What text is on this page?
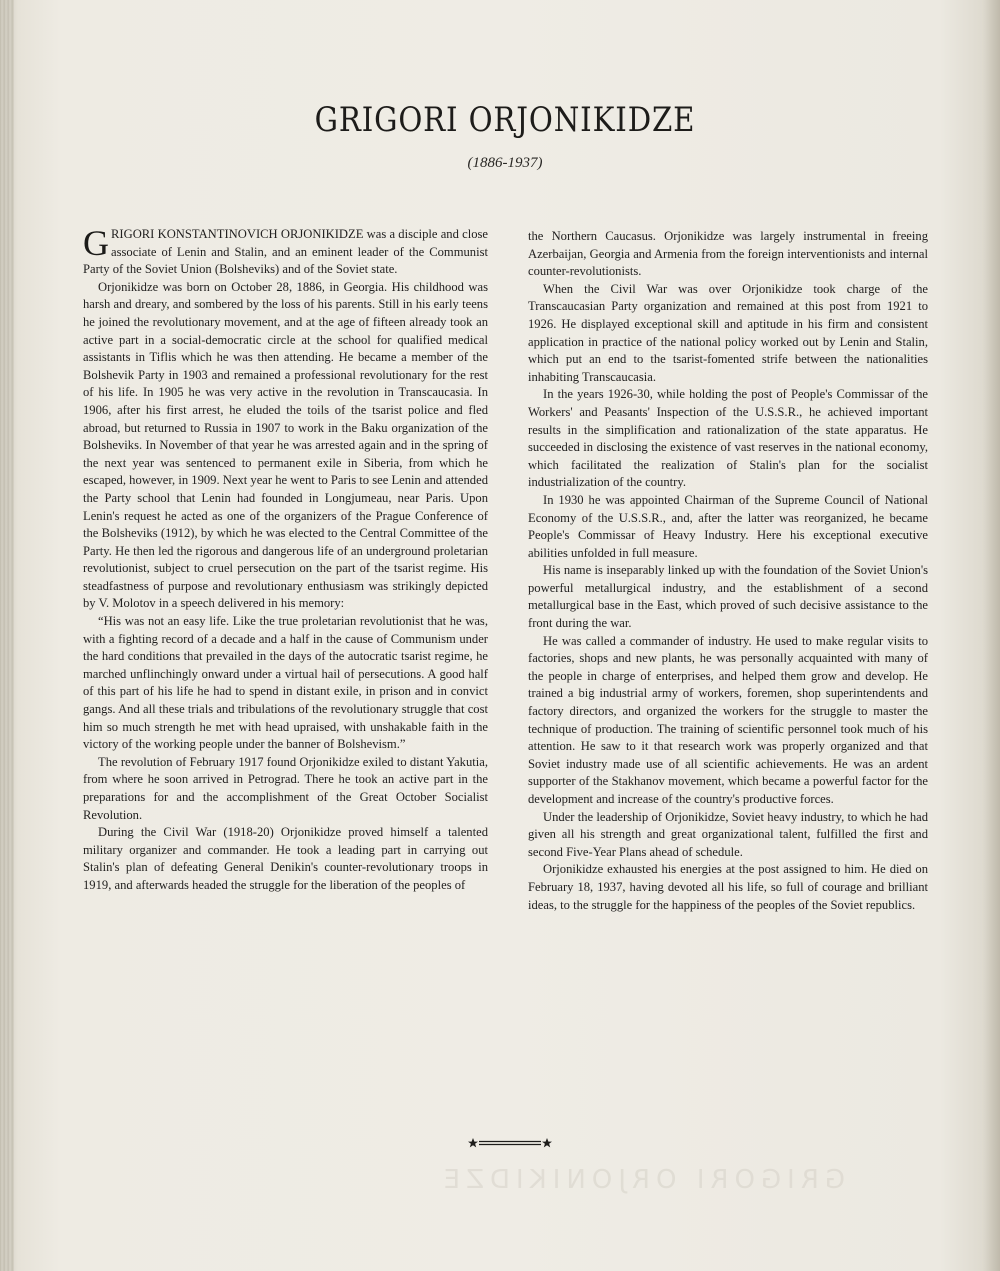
GRIGORI ORJONIKIDZE
(1886-1937)

GRIGORI KONSTANTINOVICH ORJONIKIDZE was a disciple and close associate of Lenin and Stalin, and an eminent leader of the Communist Party of the Soviet Union (Bolsheviks) and of the Soviet state.

Orjonikidze was born on October 28, 1886, in Georgia. His childhood was harsh and dreary, and sombered by the loss of his parents. Still in his early teens he joined the revolutionary movement, and at the age of fifteen already took an active part in a social-democratic circle at the school for qualified medical assistants in Tiflis which he was then attending. He became a member of the Bolshevik Party in 1903 and remained a professional revolutionary for the rest of his life. In 1905 he was very active in the revolution in Transcaucasia. In 1906, after his first arrest, he eluded the toils of the tsarist police and fled abroad, but returned to Russia in 1907 to work in the Baku organization of the Bolsheviks. In November of that year he was arrested again and in the spring of the next year was sentenced to permanent exile in Siberia, from which he escaped, however, in 1909. Next year he went to Paris to see Lenin and attended the Party school that Lenin had founded in Longjumeau, near Paris. Upon Lenin's request he acted as one of the organizers of the Prague Conference of the Bolsheviks (1912), by which he was elected to the Central Committee of the Party. He then led the rigorous and dangerous life of an underground proletarian revolutionist, subject to cruel persecution on the part of the tsarist regime. His steadfastness of purpose and revolutionary enthusiasm was strikingly depicted by V. Molotov in a speech delivered in his memory:

“His was not an easy life. Like the true proletarian revolutionist that he was, with a fighting record of a decade and a half in the cause of Communism under the hard conditions that prevailed in the days of the autocratic tsarist regime, he marched unflinchingly onward under a virtual hail of persecutions. A good half of this part of his life he had to spend in distant exile, in prison and in convict gangs. And all these trials and tribulations of the revolutionary struggle that cost him so much strength he met with head upraised, with unshakable faith in the victory of the working people under the banner of Bolshevism.”

The revolution of February 1917 found Orjonikidze exiled to distant Yakutia, from where he soon arrived in Petrograd. There he took an active part in the preparations for and the accomplishment of the Great October Socialist Revolution.

During the Civil War (1918-20) Orjonikidze proved himself a talented military organizer and commander. He took a leading part in carrying out Stalin's plan of defeating General Denikin's counter-revolutionary troops in 1919, and afterwards headed the struggle for the liberation of the peoples of

the Northern Caucasus. Orjonikidze was largely instrumental in freeing Azerbaijan, Georgia and Armenia from the foreign interventionists and internal counter-revolutionists.

When the Civil War was over Orjonikidze took charge of the Transcaucasian Party organization and remained at this post from 1921 to 1926. He displayed exceptional skill and aptitude in his firm and consistent application in practice of the national policy worked out by Lenin and Stalin, which put an end to the tsarist-fomented strife between the nationalities inhabiting Transcaucasia.

In the years 1926-30, while holding the post of People's Commissar of the Workers' and Peasants' Inspection of the U.S.S.R., he achieved important results in the simplification and rationalization of the state apparatus. He succeeded in disclosing the existence of vast reserves in the national economy, which facilitated the realization of Stalin's plan for the socialist industrialization of the country.

In 1930 he was appointed Chairman of the Supreme Council of National Economy of the U.S.S.R., and, after the latter was reorganized, he became People's Commissar of Heavy Industry. Here his exceptional executive abilities unfolded in full measure.

His name is inseparably linked up with the foundation of the Soviet Union's powerful metallurgical industry, and the establishment of a second metallurgical base in the East, which proved of such decisive assistance to the front during the war.

He was called a commander of industry. He used to make regular visits to factories, shops and new plants, he was personally acquainted with many of the people in charge of enterprises, and helped them grow and develop. He trained a big industrial army of workers, foremen, shop superintendents and factory directors, and organized the workers for the struggle to master the technique of production. The training of scientific personnel took much of his attention. He saw to it that research work was properly organized and that Soviet industry made use of all scientific achievements. He was an ardent supporter of the Stakhanov movement, which became a powerful factor for the development and increase of the country's productive forces.

Under the leadership of Orjonikidze, Soviet heavy industry, to which he had given all his strength and great organizational talent, fulfilled the first and second Five-Year Plans ahead of schedule.

Orjonikidze exhausted his energies at the post assigned to him. He died on February 18, 1937, having devoted all his life, so full of courage and brilliant ideas, to the struggle for the happiness of the peoples of the Soviet republics.

GRIGORI ORJONIKIDZE
